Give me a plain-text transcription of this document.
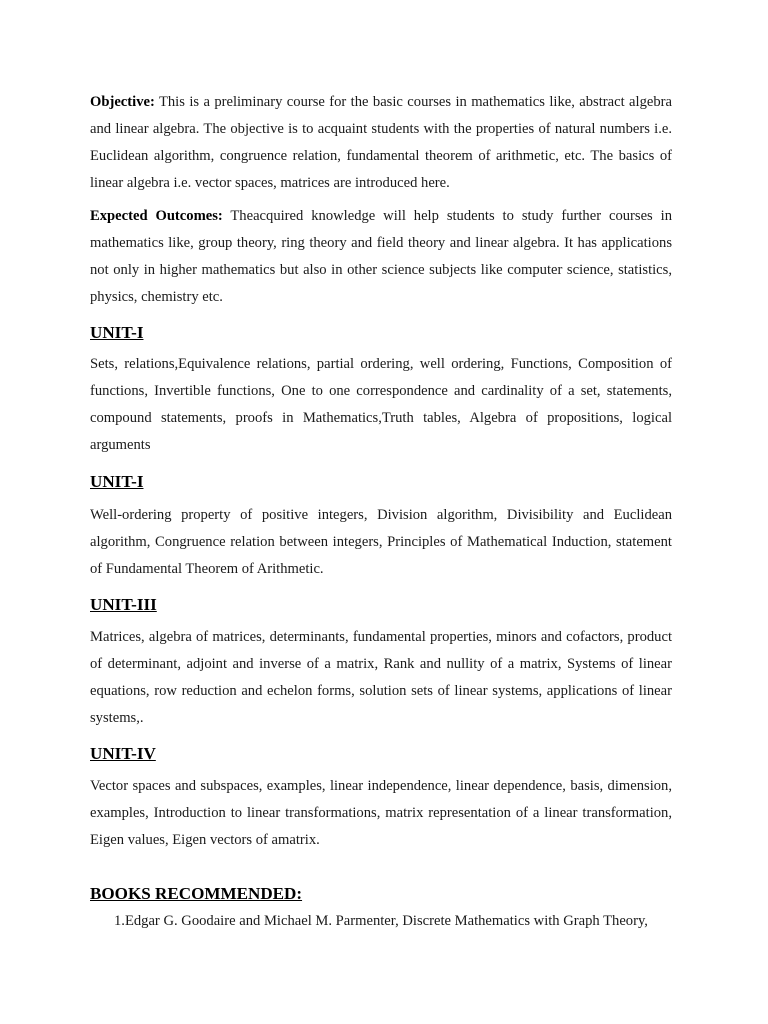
Objective: This is a preliminary course for the basic courses in mathematics like, abstract algebra and linear algebra. The objective is to acquaint students with the properties of natural numbers i.e. Euclidean algorithm, congruence relation, fundamental theorem of arithmetic, etc. The basics of linear algebra i.e. vector spaces, matrices are introduced here.

Expected Outcomes: Theacquired knowledge will help students to study further courses in mathematics like, group theory, ring theory and field theory and linear algebra. It has applications not only in higher mathematics but also in other science subjects like computer science, statistics, physics, chemistry etc.

UNIT-I

Sets, relations,Equivalence relations, partial ordering, well ordering, Functions, Composition of functions, Invertible functions, One to one correspondence and cardinality of a set, statements, compound statements, proofs in Mathematics,Truth tables, Algebra of propositions, logical arguments

UNIT-I

Well-ordering property of positive integers, Division algorithm, Divisibility and Euclidean algorithm, Congruence relation between integers, Principles of Mathematical Induction, statement of Fundamental Theorem of Arithmetic.

UNIT-III

Matrices, algebra of matrices, determinants, fundamental properties, minors and cofactors, product of determinant, adjoint and inverse of a matrix, Rank and nullity of a matrix, Systems of linear equations, row reduction and echelon forms, solution sets of linear systems, applications of linear systems,.

UNIT-IV

Vector spaces and subspaces, examples, linear independence, linear dependence, basis, dimension, examples, Introduction to linear transformations, matrix representation of a linear transformation, Eigen values, Eigen vectors of amatrix.

BOOKS RECOMMENDED:

1.Edgar G. Goodaire and Michael M. Parmenter, Discrete Mathematics with Graph Theory,
